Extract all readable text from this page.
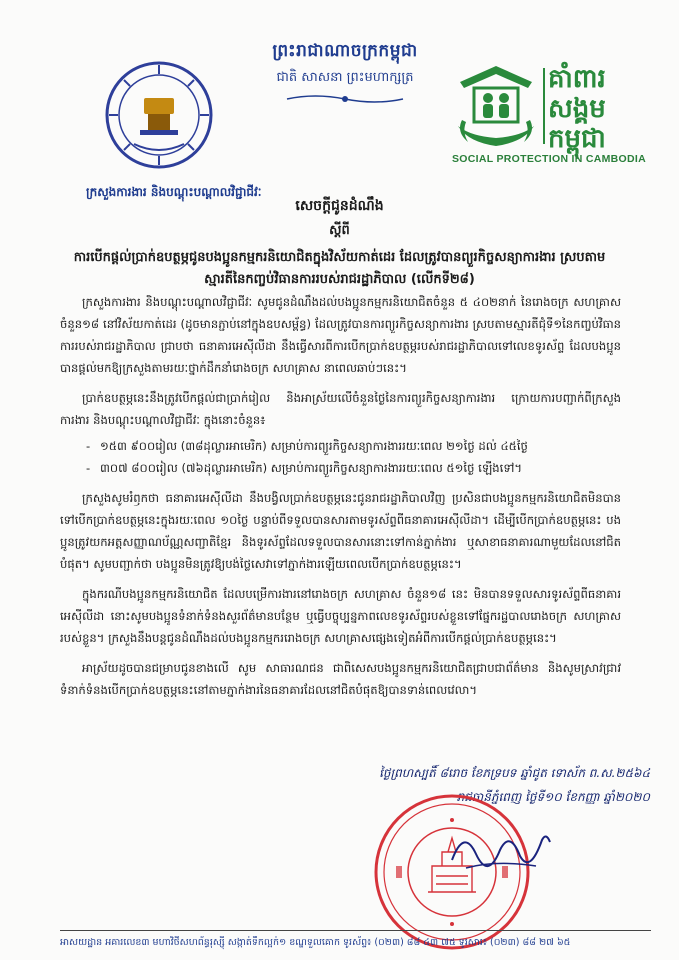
ព្រះរាជាណាចក្រកម្ពុជា
ជាតិ សាសនា ព្រះមហាក្សត្រ
ក្រសួងការងារ និងបណ្តុះបណ្តាលវិជ្ជាជីវៈ
គាំពារ សង្គម កម្ពុជា
SOCIAL PROTECTION IN CAMBODIA
សេចក្តីជូនដំណឹង
ស្តីពី
ការបើកផ្តល់ប្រាក់ឧបត្ថម្ភជូនបងប្អូនកម្មករនិយោជិតក្នុងវិស័យកាត់ដេរ ដែលត្រូវបានព្យួរកិច្ចសន្យាការងារ ស្របតាមស្មារតីនៃកញ្ចប់វិធានការរបស់រាជរដ្ឋាភិបាល (លើកទី២៨)

ក្រសួងការងារ និងបណ្តុះបណ្តាលវិជ្ជាជីវៈ សូមជូនដំណឹងដល់បងប្អូនកម្មករនិយោជិតចំនួន ៥ ៤០២នាក់ នៃរោងចក្រ សហគ្រាស ចំនួន១៨ នៅវិស័យកាត់ដេរ (ដូចមានភ្ជាប់នៅក្នុងឧបសម្ព័ន្ធ) ដែលត្រូវបានការព្យួរកិច្ចសន្យាការងារ ស្របតាមស្មារតីជុំទី១នៃកញ្ចប់វិធានការរបស់រាជរដ្ឋាភិបាល ជ្រាបថា ធនាគារអេស៊ីលីដា នឹងធ្វើសារពីការបើកប្រាក់ឧបត្ថម្ភរបស់រាជរដ្ឋាភិបាលទៅលេខទូរស័ព្ទ ដែលបងប្អូនបានផ្តល់មកឱ្យក្រសួងតាមរយៈថ្នាក់ដឹកនាំរោងចក្រ សហគ្រាស នាពេលឆាប់ៗនេះ។

ប្រាក់ឧបត្ថម្ភនេះនឹងត្រូវបើកផ្តល់ជាប្រាក់រៀល និងអាស្រ័យលើចំនួនថ្ងៃនៃការព្យួរកិច្ចសន្យាការងារ ក្រោយការបញ្ជាក់ពីក្រសួងការងារ និងបណ្តុះបណ្តាលវិជ្ជាជីវៈ ក្នុងនោះចំនួន៖

- ១៥៣ ៩០០រៀល (៣៨ដុល្លារអាមេរិក) សម្រាប់ការព្យួរកិច្ចសន្យាការងាររយៈពេល ២១ថ្ងៃ ដល់ ៤៥ថ្ងៃ
- ៣០៧ ៨០០រៀល (៧៦ដុល្លារអាមេរិក) សម្រាប់ការព្យួរកិច្ចសន្យាការងាររយៈពេល ៥១ថ្ងៃ ឡើងទៅ។

ក្រសួងសូមរំឭកថា ធនាគារអេស៊ីលីដា នឹងបង្វិលប្រាក់ឧបត្ថម្ភនេះជូនរាជរដ្ឋាភិបាលវិញ ប្រសិនជាបងប្អូនកម្មករនិយោជិតមិនបានទៅបើកប្រាក់ឧបត្ថម្ភនេះក្នុងរយៈពេល ១០ថ្ងៃ បន្ទាប់ពីទទួលបានសារតាមទូរស័ព្ទពីធនាគារអេស៊ីលីដា។ ដើម្បីបើកប្រាក់ឧបត្ថម្ភនេះ បងប្អូនត្រូវយកអត្តសញ្ញាណប័ណ្ណសញ្ជាតិខ្មែរ និងទូរស័ព្ទដែលទទួលបានសារនោះទៅកាន់ភ្នាក់ងារ ឬសាខាធនាគារណាមួយដែលនៅជិតបំផុត។ សូមបញ្ជាក់ថា បងប្អូនមិនត្រូវឱ្យបង់ថ្លៃសេវាទៅភ្នាក់ងារឡើយពេលបើកប្រាក់ឧបត្ថម្ភនេះ។

ក្នុងករណីបងប្អូនកម្មករនិយោជិត ដែលបម្រើការងារនៅរោងចក្រ សហគ្រាស ចំនួន១៨ នេះ មិនបានទទួលសារទូរស័ព្ទពីធនាគារអេស៊ីលីដា នោះសូមបងប្អូនទំនាក់ទំនងសួរព័ត៌មានបន្ថែម ឬធ្វើបច្ចុប្បន្នភាពលេខទូរស័ព្ទរបស់ខ្លួនទៅផ្នែករដ្ឋបាលរោងចក្រ សហគ្រាសរបស់ខ្លួន។ ក្រសួងនឹងបន្តជូនដំណឹងដល់បងប្អូនកម្មកររោងចក្រ សហគ្រាសផ្សេងទៀតអំពីការបើកផ្តល់ប្រាក់ឧបត្ថម្ភនេះ។

អាស្រ័យដូចបានជម្រាបជូនខាងលើ សូម សាធារណជន ជាពិសេសបងប្អូនកម្មករនិយោជិតជ្រាបជាព័ត៌មាន និងសូមស្រាវជ្រាវទំនាក់ទំនងបើកប្រាក់ឧបត្ថម្ភនេះនៅតាមភ្នាក់ងារនៃធនាគារដែលនៅជិតបំផុតឱ្យបានទាន់ពេលវេលា។

ថ្ងៃព្រហស្បតិ៍ ៨រោច ខែភទ្របទ ឆ្នាំជូត ទោស័ក ព.ស.២៥៦៤
រាជធានីភ្នំពេញ ថ្ងៃទី១០ ខែកញ្ញា ឆ្នាំ២០២០
អាសយដ្ឋាន អគារលេខ៣ មហាវិថីសហព័ន្ធរុស្ស៊ី សង្កាត់ទឹកល្អក់១ ខណ្ឌទួលគោក ទូរស័ព្ទ៖ (០២៣) ៨៨ ៤៣ ៧៥ ទូរសារ៖ (០២៣) ៨៨ ២៧ ៦៥
